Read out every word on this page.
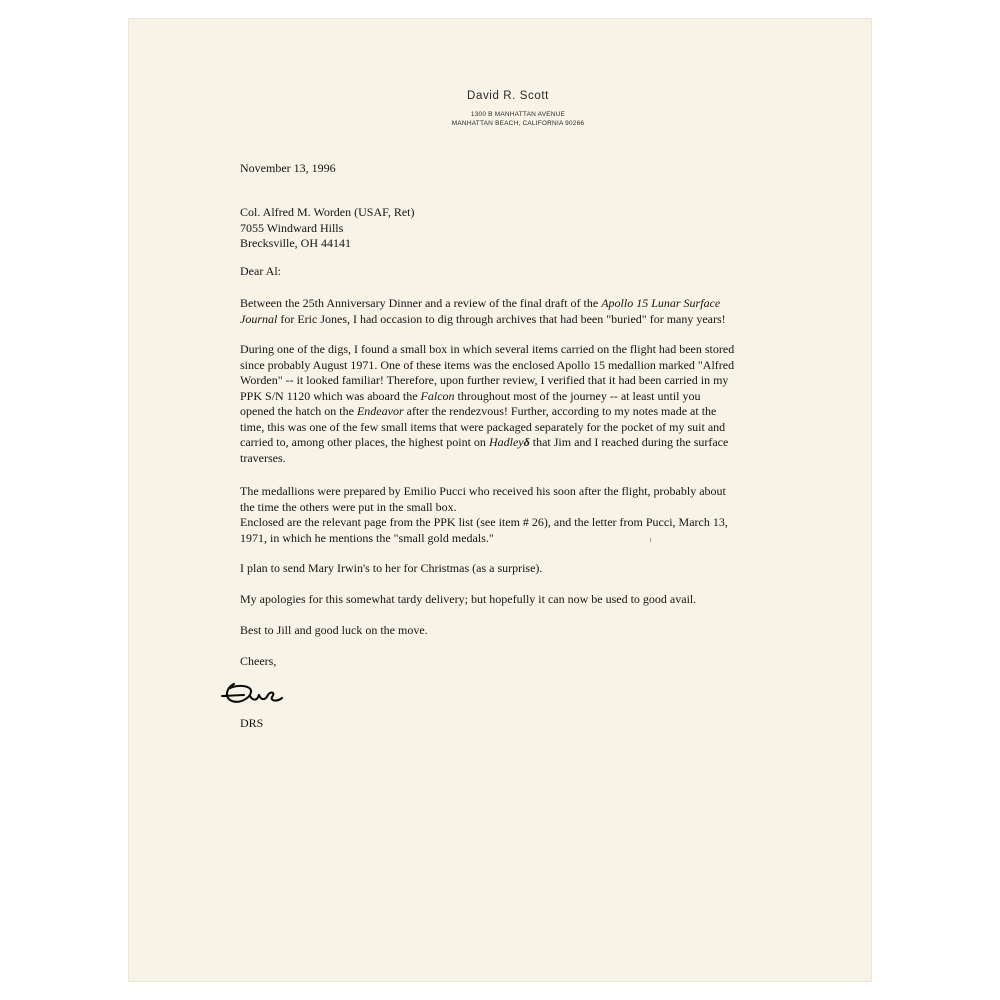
David R. Scott
1300 B MANHATTAN AVENUE
MANHATTAN BEACH, CALIFORNIA 90266
November 13, 1996
Col. Alfred M. Worden (USAF, Ret)
7055 Windward Hills
Brecksville, OH 44141
Dear Al:
Between the 25th Anniversary Dinner and a review of the final draft of the Apollo 15 Lunar Surface
Journal for Eric Jones, I had occasion to dig through archives that had been "buried" for many years!
During one of the digs, I found a small box in which several items carried on the flight had been stored
since probably August 1971. One of these items was the enclosed Apollo 15 medallion marked "Alfred
Worden" -- it looked familiar! Therefore, upon further review, I verified that it had been carried in my
PPK S/N 1120 which was aboard the Falcon throughout most of the journey -- at least until you
opened the hatch on the Endeavor after the rendezvous! Further, according to my notes made at the
time, this was one of the few small items that were packaged separately for the pocket of my suit and
carried to, among other places, the highest point on Hadleyδ that Jim and I reached during the surface
traverses.
The medallions were prepared by Emilio Pucci who received his soon after the flight, probably about
the time the others were put in the small box.
Enclosed are the relevant page from the PPK list (see item # 26), and the letter from Pucci, March 13,
1971, in which he mentions the "small gold medals."
I plan to send Mary Irwin's to her for Christmas (as a surprise).
My apologies for this somewhat tardy delivery; but hopefully it can now be used to good avail.
Best to Jill and good luck on the move.
Cheers,
DRS
